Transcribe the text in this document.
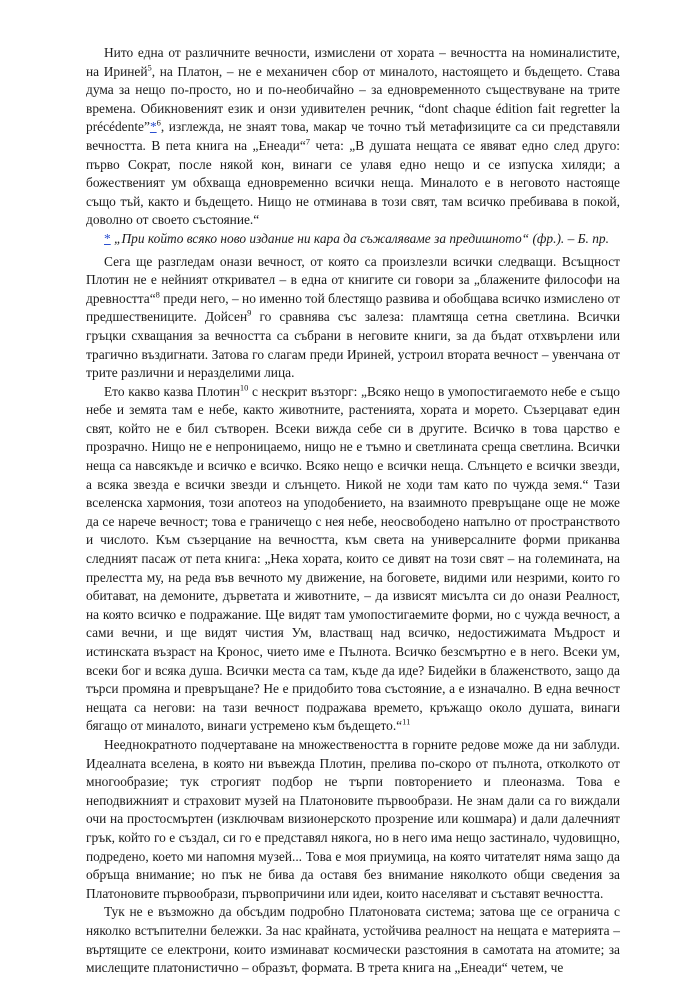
Нито една от различните вечности, измислени от хората – вечността на номиналистите, на Ириней$^5$, на Платон, – не е механичен сбор от миналото, настоящето и бъдещето. Става дума за нещо по-просто, но и по-необичайно – за едновременното съществуване на трите времена. Обикновеният език и онзи удивителен речник, “dont chaque édition fait regretter la précédente”*$^6$, изглежда, не знаят това, макар че точно тъй метафизиците са си представяли вечността. В пета книга на „Енеади“$^7$ чета: „В душата нещата се явяват едно след друго: първо Сократ, после някой кон, винаги се улавя едно нещо и се изпуска хиляди; а божественият ум обхваща едновременно всички неща. Миналото е в неговото настояще също тъй, както и бъдещето. Нищо не отминава в този свят, там всичко пребивава в покой, доволно от своето състояние.“

* „При който всяко ново издание ни кара да съжаляваме за предишното“ (фр.). – Б. пр.

Сега ще разгледам онази вечност, от която са произлезли всички следващи. Всъщност Плотин не е нейният откривател – в една от книгите си говори за „блажените философи на древността“$^8$ преди него, – но именно той блестящо развива и обобщава всичко измислено от предшествениците. Дойсен$^9$ го сравнява със залеза: пламтяща сетна светлина. Всички гръцки схващания за вечността са събрани в неговите книги, за да бъдат отхвърлени или трагично въздигнати. Затова го слагам преди Ириней, устроил втората вечност – увенчана от трите различни и неразделими лица.

Ето какво казва Плотин$^{10}$ с нескрит възторг: „Всяко нещо в умопостигаемото небе е също небе и земята там е небе, както животните, растенията, хората и морето. Съзерцават един свят, който не е бил сътворен. Всеки вижда себе си в другите. Всичко в това царство е прозрачно. Нищо не е непроницаемо, нищо не е тъмно и светлината среща светлина. Всички неща са навсякъде и всичко е всичко. Всяко нещо е всички неща. Слънцето е всички звезди, а всяка звезда е всички звезди и слънцето. Никой не ходи там като по чужда земя.“ Тази вселенска хармония, този апотеоз на уподобението, на взаимното превръщане още не може да се нарече вечност; това е граничещо с нея небе, неосвободено напълно от пространството и числото. Към съзерцание на вечността, към света на универсалните форми приканва следният пасаж от пета книга: „Нека хората, които се дивят на този свят – на големината, на прелестта му, на реда във вечното му движение, на боговете, видими или незрими, които го обитават, на демоните, дърветата и животните, – да извисят мисълта си до онази Реалност, на която всичко е подражание. Ще видят там умопостигаемите форми, но с чужда вечност, а сами вечни, и ще видят чистия Ум, властващ над всичко, недостижимата Мъдрост и истинската възраст на Кронос, чието име е Пълнота. Всичко безсмъртно е в него. Всеки ум, всеки бог и всяка душа. Всички места са там, къде да иде? Бидейки в блаженството, защо да търси промяна и превръщане? Не е придобито това състояние, а е изначално. В една вечност нещата са негови: на тази вечност подражава времето, кръжащо около душата, винаги бягащо от миналото, винаги устремено към бъдещето.“$^{11}$

Нееднократното подчертаване на множествеността в горните редове може да ни заблуди. Идеалната вселена, в която ни въвежда Плотин, прелива по-скоро от пълнота, отколкото от многообразие; тук строгият подбор не търпи повторението и плеоназма. Това е неподвижният и страховит музей на Платоновите първообрази. Не знам дали са го виждали очи на простосмъртен (изключвам визионерското прозрение или кошмара) и дали далечният грък, който го е създал, си го е представял някога, но в него има нещо застинало, чудовищно, подредено, което ми напомня музей... Това е моя приумица, на която читателят няма защо да обръща внимание; но пък не бива да оставя без внимание няколкото общи сведения за Платоновите първообрази, първопричини или идеи, които населяват и съставят вечността.

Тук не е възможно да обсъдим подробно Платоновата система; затова ще се огранича с няколко встъпителни бележки. За нас крайната, устойчива реалност на нещата е материята – въртящите се електрони, които изминават космически разстояния в самотата на атомите; за мислещите платонистично – образът, формата. В трета книга на „Енеади“ четем, че
